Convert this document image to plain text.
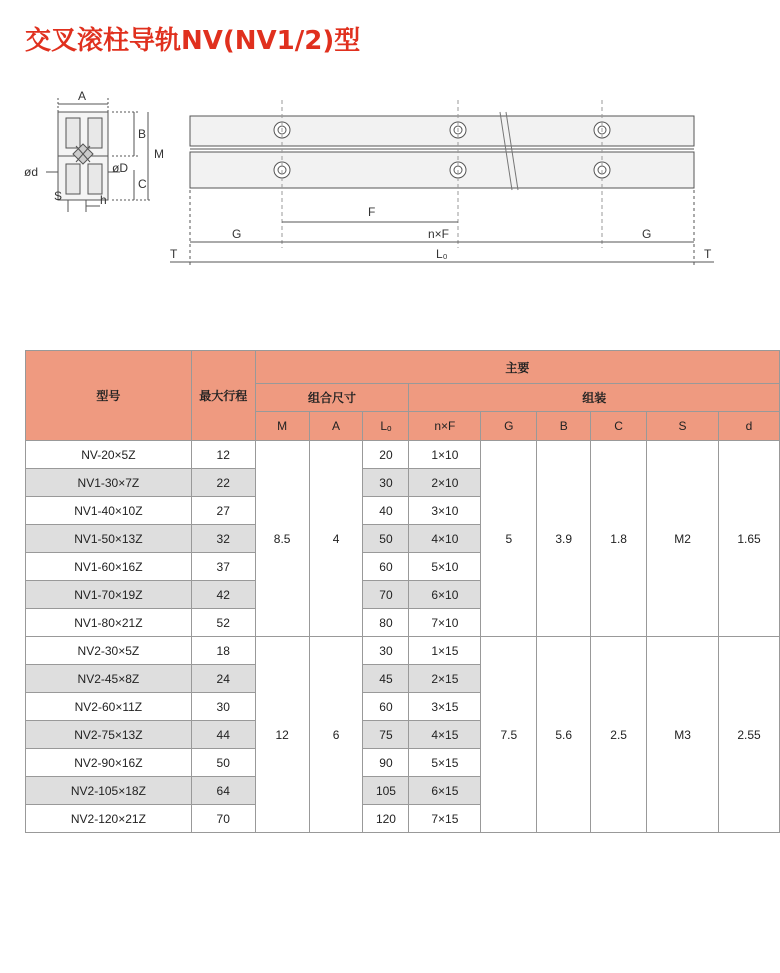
交叉滚柱导轨NV(NV1/2)型
A
B
M
C
ød	øD
S	h
F
n×F
G	G
T	T
L₀
型号	最大行程	主要								
		组合尺寸			组装					
		M	A	Lₒ	n×F	G	B	C	S	d
NV-20×5Z	12	8.5	4	20	1×10	5	3.9	1.8	M2	1.65
NV1-30×7Z	22			30	2×10					
NV1-40×10Z	27			40	3×10					
NV1-50×13Z	32			50	4×10					
NV1-60×16Z	37			60	5×10					
NV1-70×19Z	42			70	6×10					
NV1-80×21Z	52			80	7×10					
NV2-30×5Z	18	12	6	30	1×15	7.5	5.6	2.5	M3	2.55
NV2-45×8Z	24			45	2×15					
NV2-60×11Z	30			60	3×15					
NV2-75×13Z	44			75	4×15					
NV2-90×16Z	50			90	5×15					
NV2-105×18Z	64			105	6×15					
NV2-120×21Z	70			120	7×15					
